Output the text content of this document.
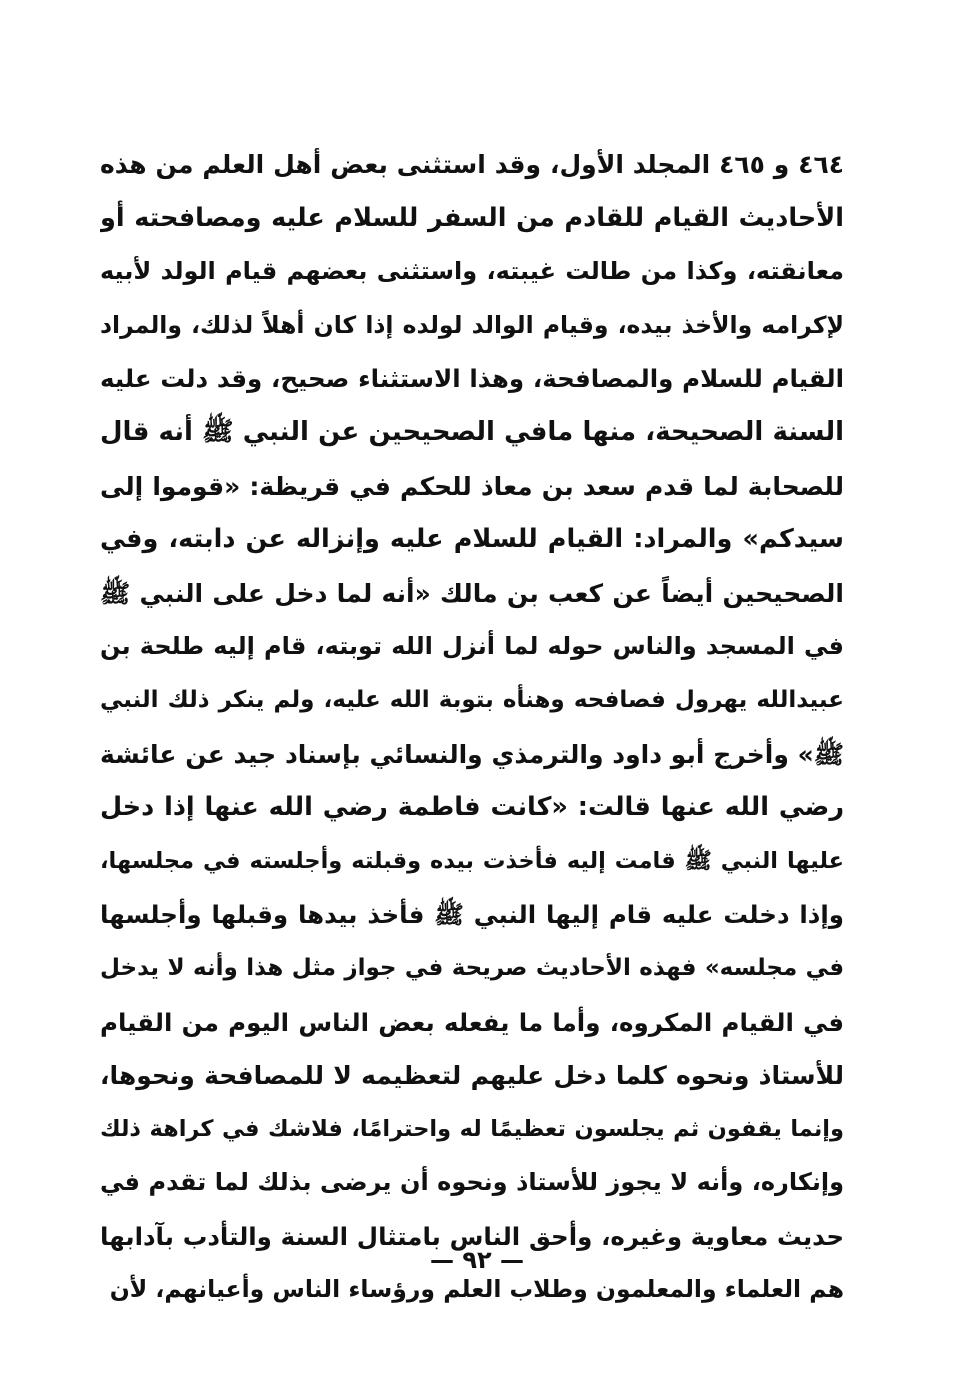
٤٦٤ و ٤٦٥ المجلد الأول، وقد استثنى بعض أهل العلم من هذه
الأحاديث القيام للقادم من السفر للسلام عليه ومصافحته أو
معانقته، وكذا من طالت غيبته، واستثنى بعضهم قيام الولد لأبيه
لإكرامه والأخذ بيده، وقيام الوالد لولده إذا كان أهلاً لذلك، والمراد
القيام للسلام والمصافحة، وهذا الاستثناء صحيح، وقد دلت عليه
السنة الصحيحة، منها مافي الصحيحين عن النبي ﷺ أنه قال
للصحابة لما قدم سعد بن معاذ للحكم في قريظة: «قوموا إلى
سيدكم» والمراد: القيام للسلام عليه وإنزاله عن دابته، وفي
الصحيحين أيضاً عن كعب بن مالك «أنه لما دخل على النبي ﷺ
في المسجد والناس حوله لما أنزل الله توبته، قام إليه طلحة بن
عبيدالله يهرول فصافحه وهنأه بتوبة الله عليه، ولم ينكر ذلك النبي
ﷺ» وأخرج أبو داود والترمذي والنسائي بإسناد جيد عن عائشة
رضي الله عنها قالت: «كانت فاطمة رضي الله عنها إذا دخل
عليها النبي ﷺ قامت إليه فأخذت بيده وقبلته وأجلسته في مجلسها،
وإذا دخلت عليه قام إليها النبي ﷺ فأخذ بيدها وقبلها وأجلسها
في مجلسه» فهذه الأحاديث صريحة في جواز مثل هذا وأنه لا يدخل
في القيام المكروه، وأما ما يفعله بعض الناس اليوم من القيام
للأستاذ ونحوه كلما دخل عليهم لتعظيمه لا للمصافحة ونحوها،
وإنما يقفون ثم يجلسون تعظيمًا له واحترامًا، فلاشك في كراهة ذلك
وإنكاره، وأنه لا يجوز للأستاذ ونحوه أن يرضى بذلك لما تقدم في
حديث معاوية وغيره، وأحق الناس بامتثال السنة والتأدب بآدابها
هم العلماء والمعلمون وطلاب العلم ورؤساء الناس وأعيانهم، لأن
— ٩٢ —
